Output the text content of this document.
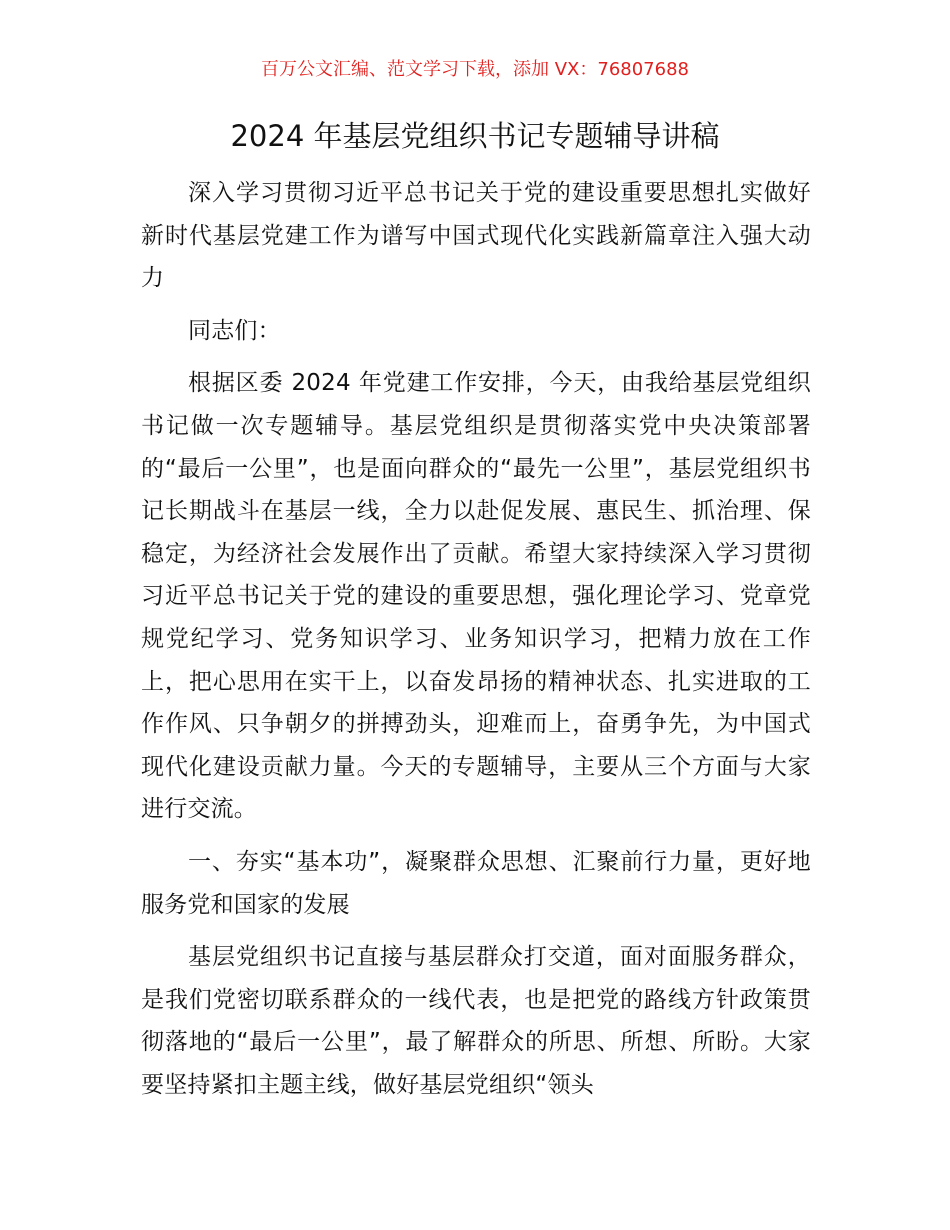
百万公文汇编、范文学习下载，添加 VX：76807688
2024 年基层党组织书记专题辅导讲稿

深入学习贯彻习近平总书记关于党的建设重要思想扎实做好新时代基层党建工作为谱写中国式现代化实践新篇章注入强大动力

同志们：

根据区委 2024 年党建工作安排，今天，由我给基层党组织书记做一次专题辅导。基层党组织是贯彻落实党中央决策部署的“最后一公里”，也是面向群众的“最先一公里”，基层党组织书记长期战斗在基层一线，全力以赴促发展、惠民生、抓治理、保稳定，为经济社会发展作出了贡献。希望大家持续深入学习贯彻习近平总书记关于党的建设的重要思想，强化理论学习、党章党规党纪学习、党务知识学习、业务知识学习，把精力放在工作上，把心思用在实干上，以奋发昂扬的精神状态、扎实进取的工作作风、只争朝夕的拼搏劲头，迎难而上，奋勇争先，为中国式现代化建设贡献力量。今天的专题辅导，主要从三个方面与大家进行交流。

一、夯实“基本功”，凝聚群众思想、汇聚前行力量，更好地服务党和国家的发展

基层党组织书记直接与基层群众打交道，面对面服务群众，是我们党密切联系群众的一线代表，也是把党的路线方针政策贯彻落地的“最后一公里”，最了解群众的所思、所想、所盼。大家要坚持紧扣主题主线，做好基层党组织“领头
